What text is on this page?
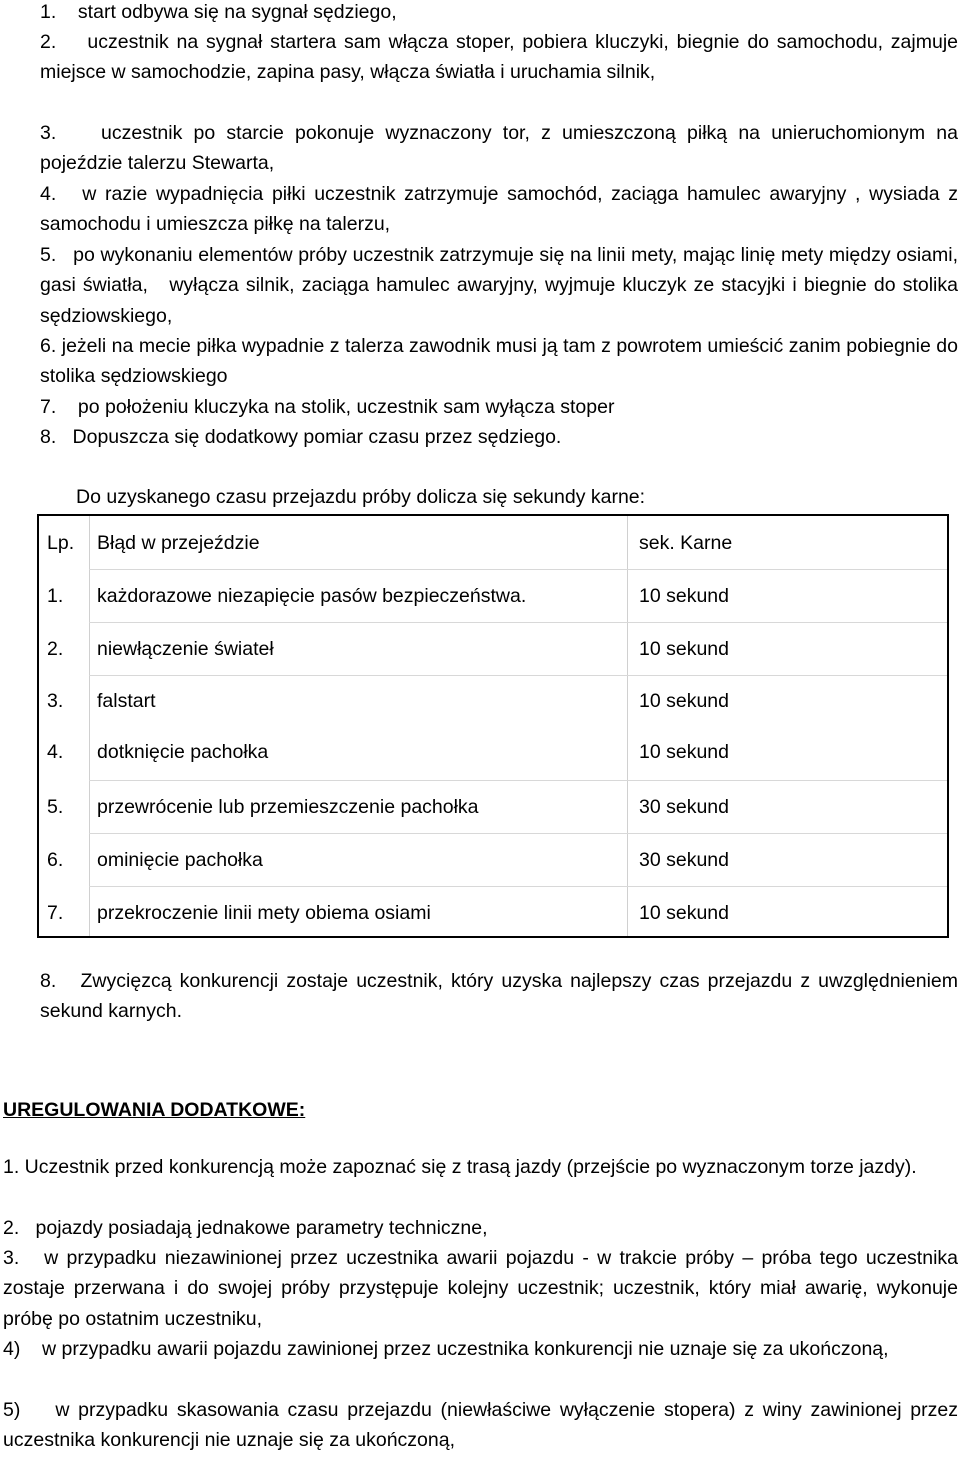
1.    start odbywa się na sygnał sędziego,

2.    uczestnik na sygnał startera sam włącza stoper, pobiera kluczyki, biegnie do samochodu, zajmuje miejsce w samochodzie, zapina pasy, włącza światła i uruchamia silnik,

3.    uczestnik po starcie pokonuje wyznaczony tor, z umieszczoną piłką na unieruchomionym na pojeździe talerzu Stewarta,

4.   w razie wypadnięcia piłki uczestnik zatrzymuje samochód, zaciąga hamulec awaryjny , wysiada z samochodu i umieszcza piłkę na talerzu,

5.   po wykonaniu elementów próby uczestnik zatrzymuje się na linii mety, mając linię mety między osiami, gasi światła,   wyłącza silnik, zaciąga hamulec awaryjny, wyjmuje kluczyk ze stacyjki i biegnie do stolika sędziowskiego,

6. jeżeli na mecie piłka wypadnie z talerza zawodnik musi ją tam z powrotem umieścić zanim pobiegnie do stolika sędziowskiego

7.    po położeniu kluczyka na stolik, uczestnik sam wyłącza stoper

8.   Dopuszcza się dodatkowy pomiar czasu przez sędziego.

Do uzyskanego czasu przejazdu próby dolicza się sekundy karne:

Lp. Błąd w przejeździe	sek. Karne
1. każdorazowe niezapięcie pasów bezpieczeństwa.	10 sekund
2. niewłączenie świateł	10 sekund
3. falstart	10 sekund
4. dotknięcie pachołka	10 sekund
5. przewrócenie lub przemieszczenie pachołka	30 sekund
6. ominięcie pachołka	30 sekund
7. przekroczenie linii mety obiema osiami	10 sekund

8.   Zwycięzcą konkurencji zostaje uczestnik, który uzyska najlepszy czas przejazdu z uwzględnieniem sekund karnych.

UREGULOWANIA DODATKOWE:

1. Uczestnik przed konkurencją może zapoznać się z trasą jazdy (przejście po wyznaczonym torze jazdy).

2.   pojazdy posiadają jednakowe parametry techniczne,

3.   w przypadku niezawinionej przez uczestnika awarii pojazdu - w trakcie próby – próba tego uczestnika zostaje przerwana i do swojej próby przystępuje kolejny uczestnik; uczestnik, który miał awarię, wykonuje próbę po ostatnim uczestniku,

4)    w przypadku awarii pojazdu zawinionej przez uczestnika konkurencji nie uznaje się za ukończoną,

5)    w przypadku skasowania czasu przejazdu (niewłaściwe wyłączenie stopera) z winy zawinionej przez uczestnika konkurencji nie uznaje się za ukończoną,
